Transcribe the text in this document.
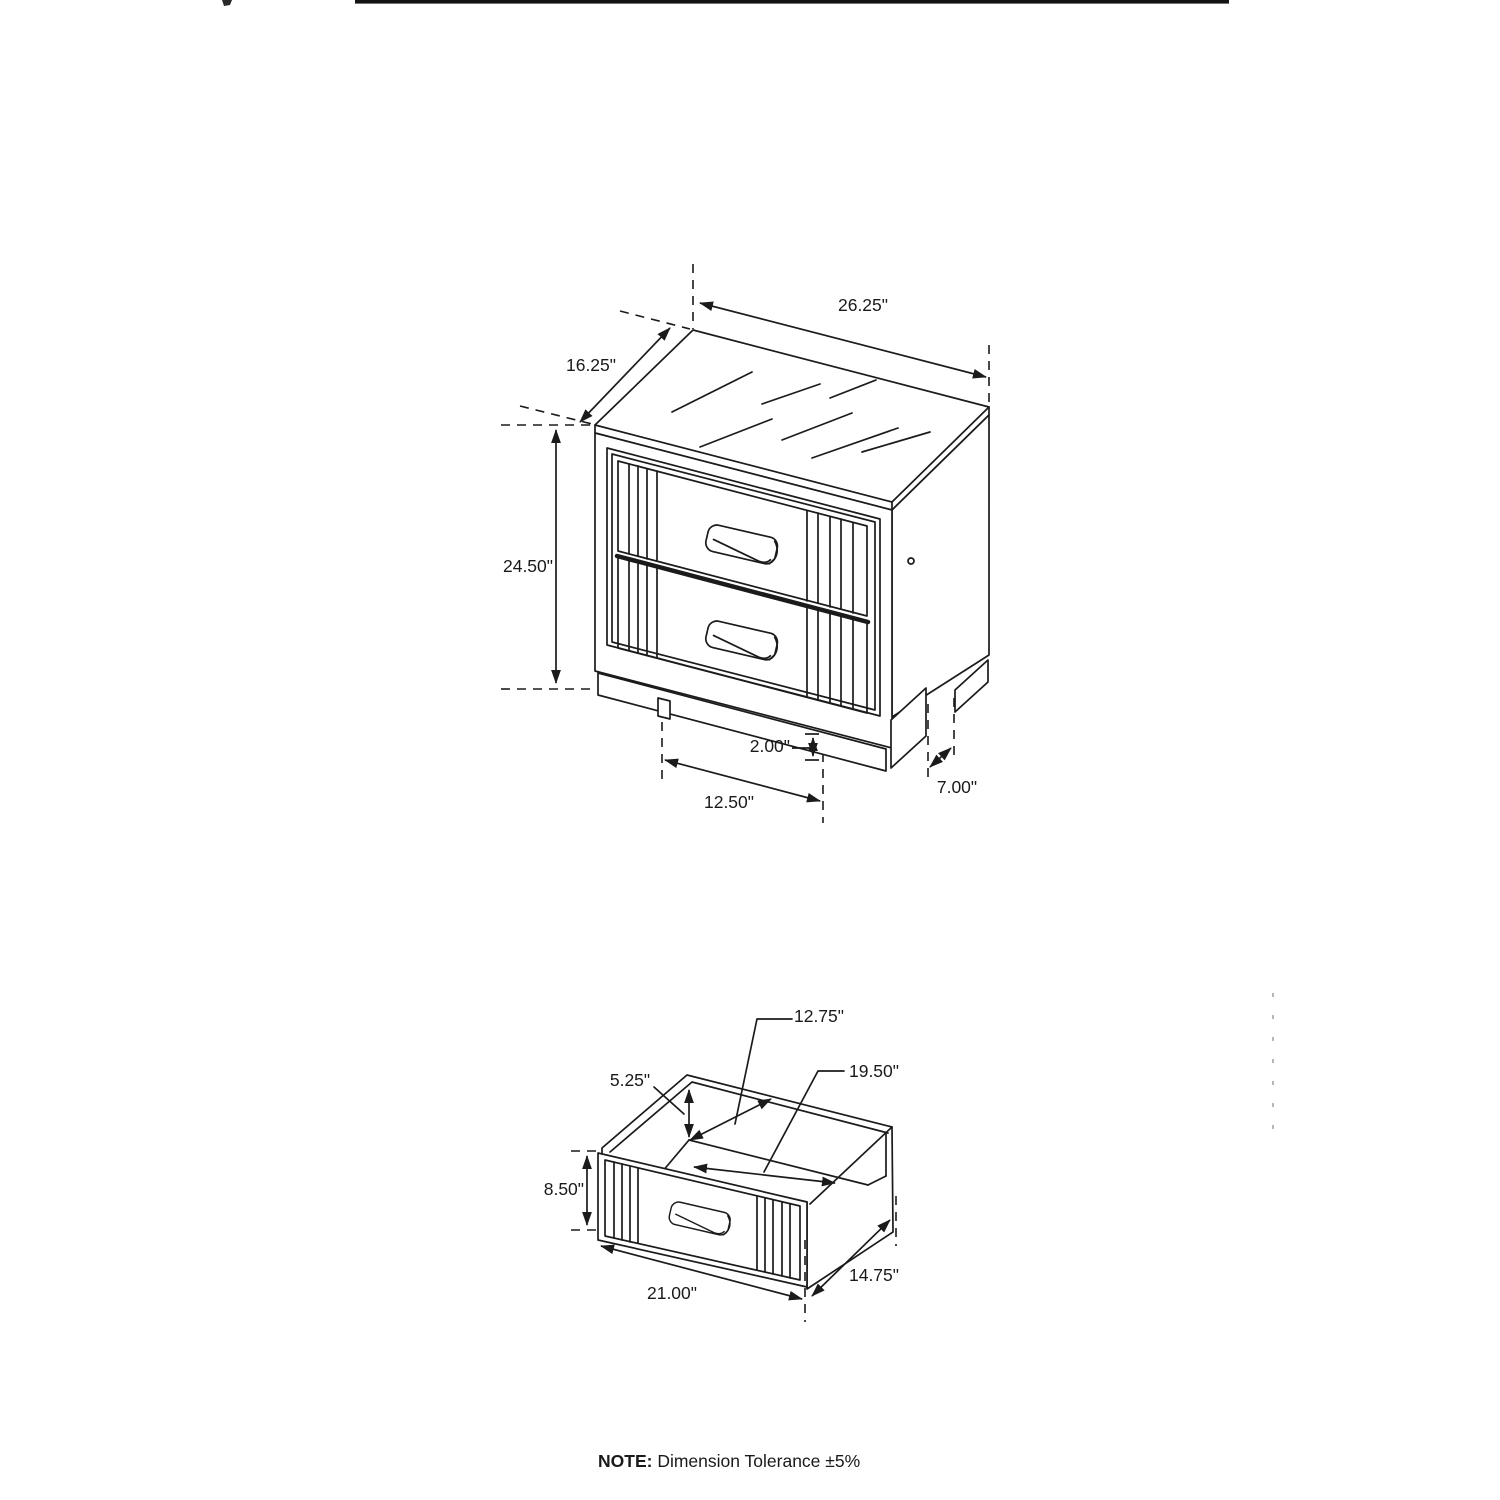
26.25"
16.25"
24.50"
2.00"
12.50"
7.00"
12.75"
5.25"	19.50"
8.50"
21.00"
14.75"
NOTE: Dimension Tolerance ±5%
